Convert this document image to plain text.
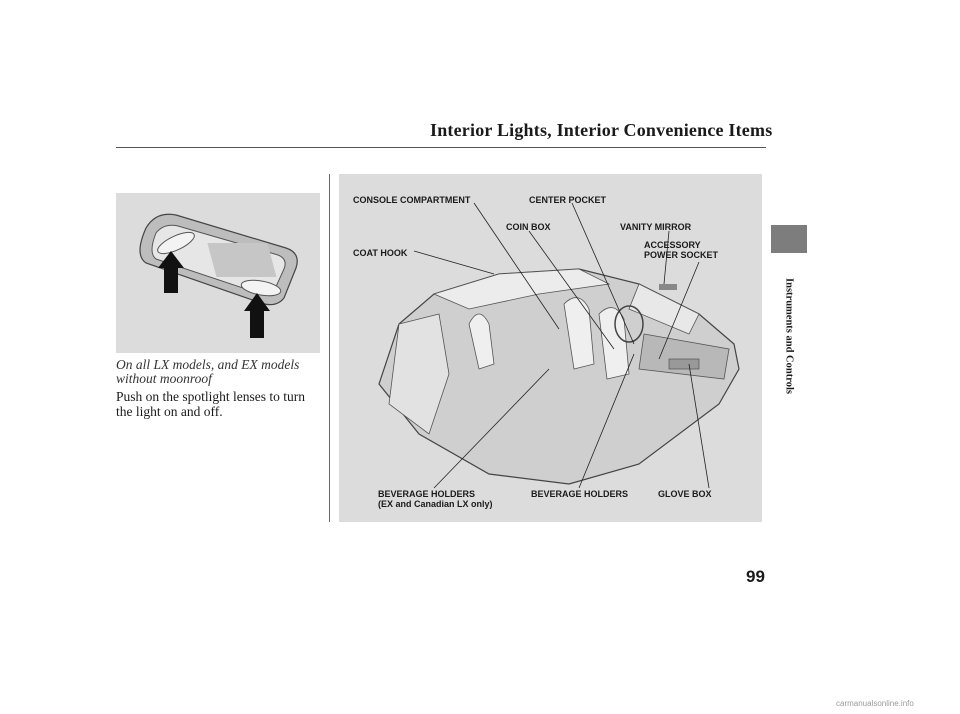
Interior Lights, Interior Convenience Items
On all LX models, and EX models
without moonroof
Push on the spotlight lenses to turn
the light on and off.
CONSOLE COMPARTMENT	CENTER POCKET
COIN BOX	VANITY MIRROR
ACCESSORY
POWER SOCKET
COAT HOOK
BEVERAGE HOLDERS
(EX and Canadian LX only)
BEVERAGE HOLDERS	GLOVE BOX
Instruments and Controls
99
carmanualsonline.info
